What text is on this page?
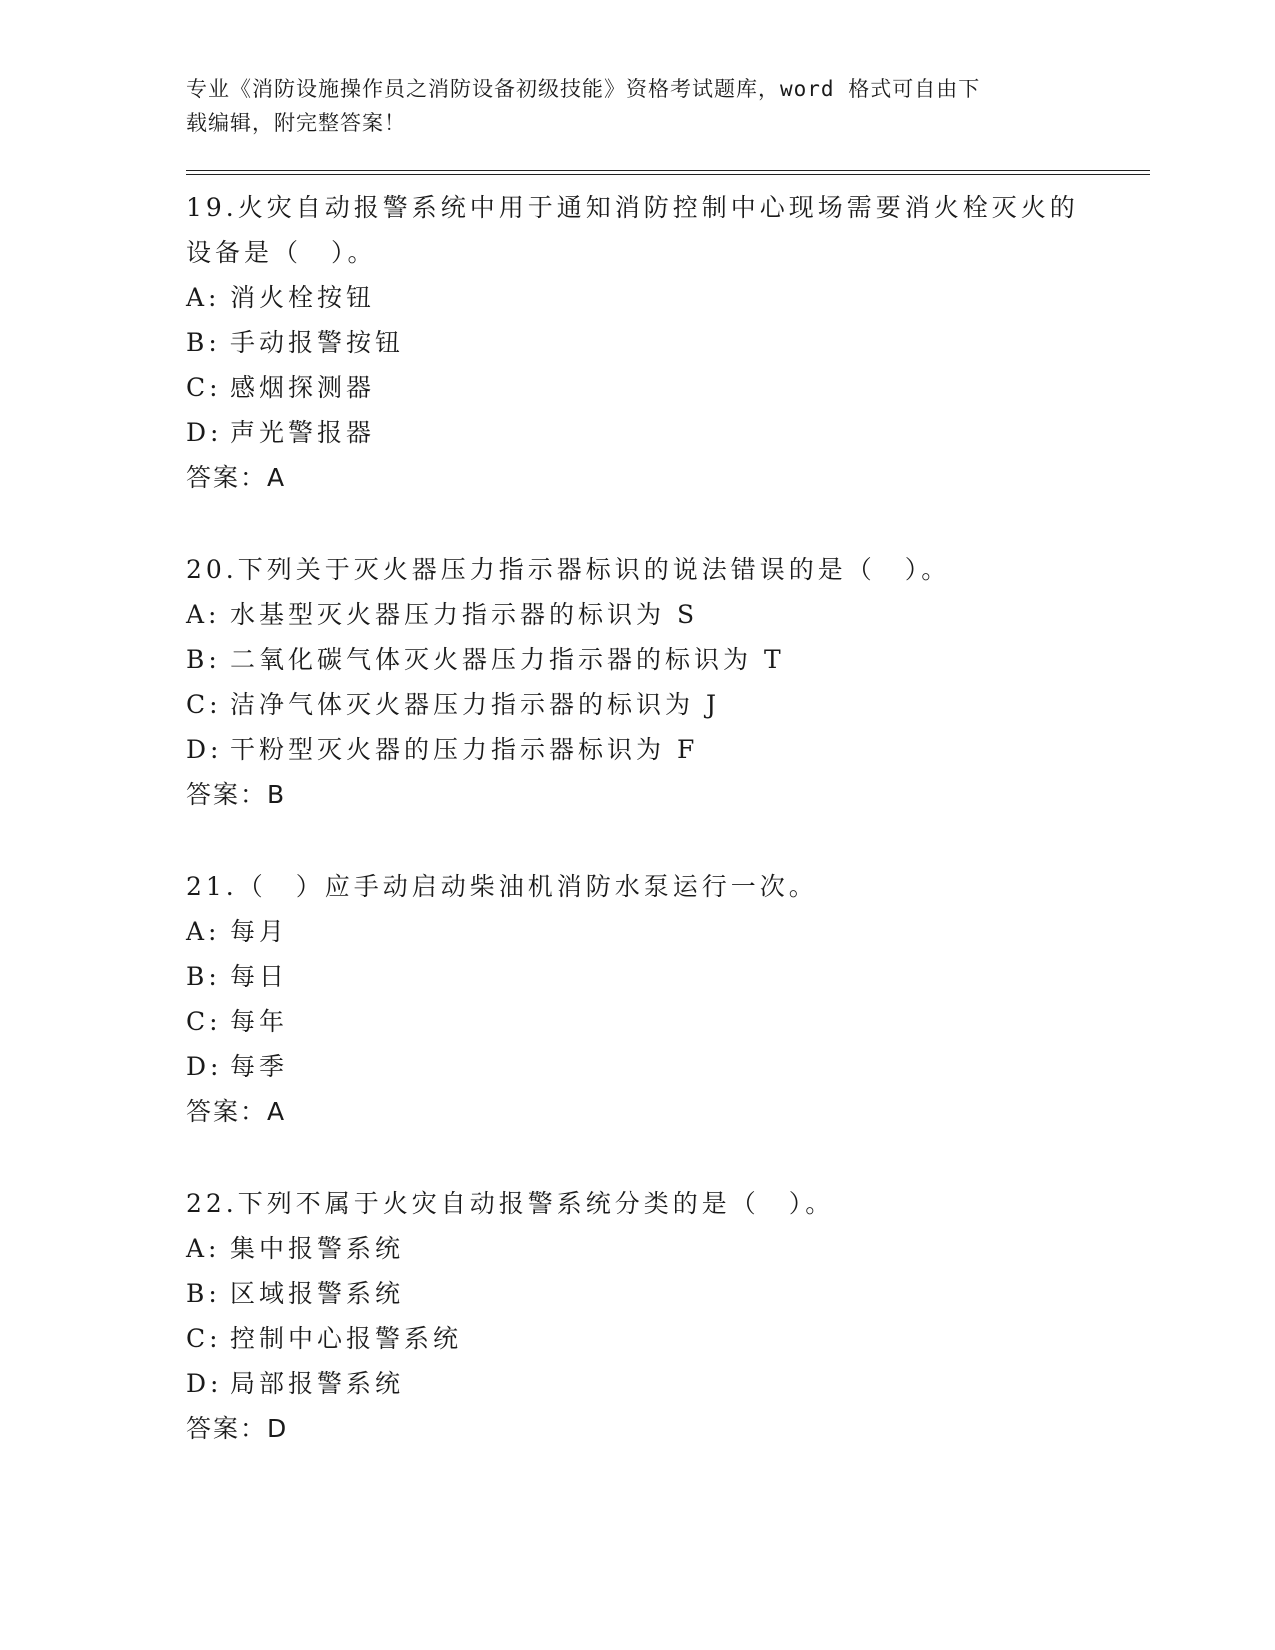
专业《消防设施操作员之消防设备初级技能》资格考试题库，word 格式可自由下
载编辑，附完整答案！
19.火灾自动报警系统中用于通知消防控制中心现场需要消火栓灭火的设备是（　）。
A: 消火栓按钮
B: 手动报警按钮
C: 感烟探测器
D: 声光警报器
答案：A
20.下列关于灭火器压力指示器标识的说法错误的是（　）。
A: 水基型灭火器压力指示器的标识为 S
B: 二氧化碳气体灭火器压力指示器的标识为 T
C: 洁净气体灭火器压力指示器的标识为 J
D: 干粉型灭火器的压力指示器标识为 F
答案：B
21.（　）应手动启动柴油机消防水泵运行一次。
A: 每月
B: 每日
C: 每年
D: 每季
答案：A
22.下列不属于火灾自动报警系统分类的是（　）。
A: 集中报警系统
B: 区域报警系统
C: 控制中心报警系统
D: 局部报警系统
答案：D
